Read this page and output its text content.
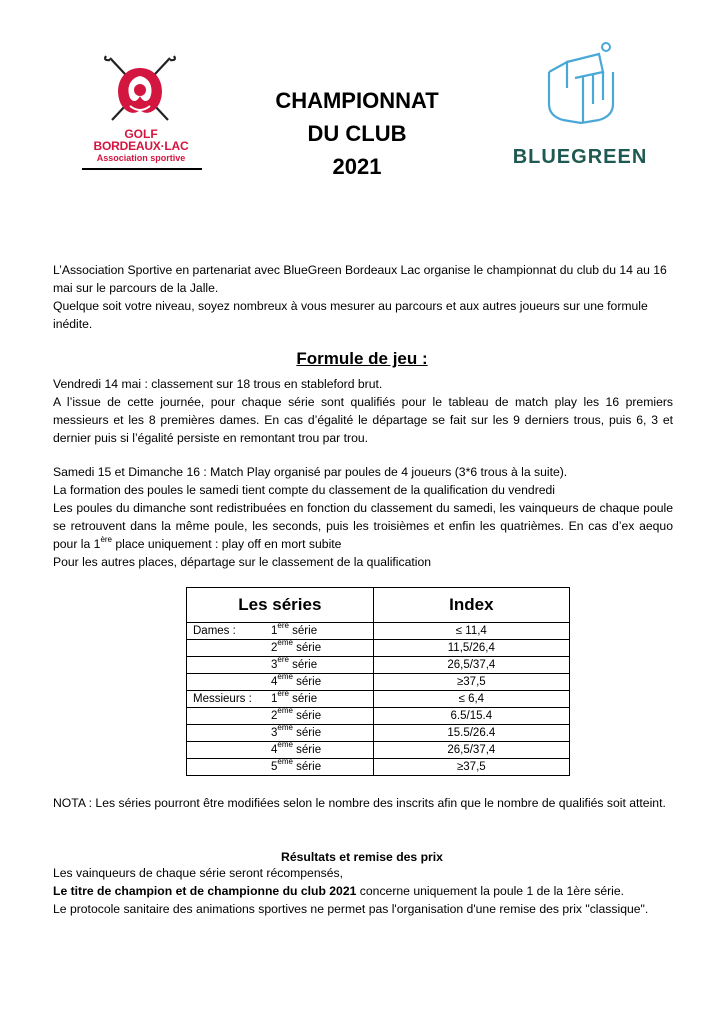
GOLF
BORDEAUX·LAC
Association sportive
CHAMPIONNAT
DU CLUB
2021	BLUEGREEN
L’Association Sportive en partenariat avec BlueGreen Bordeaux Lac organise le championnat du club du 14 au 16 mai sur le parcours de la Jalle.
Quelque soit votre niveau, soyez nombreux à vous mesurer au parcours et aux autres joueurs sur une formule inédite.
Formule de jeu :
Vendredi 14 mai : classement sur 18 trous en stableford brut.
A l’issue de cette journée, pour chaque série sont qualifiés pour le tableau de match play les 16 premiers messieurs et les 8 premières dames. En cas d’égalité le départage se fait sur les 9 derniers trous, puis 6, 3 et dernier puis si l’égalité persiste en remontant trou par trou.
Samedi 15 et Dimanche 16 : Match Play organisé par poules de 4 joueurs (3*6 trous à la suite).
La formation des poules le samedi tient compte du classement de la qualification du vendredi
Les poules du dimanche sont redistribuées en fonction du classement du samedi, les vainqueurs de chaque poule se retrouvent dans la même poule, les seconds, puis les troisièmes et enfin les quatrièmes. En cas d’ex aequo pour la 1ère place uniquement : play off en mort subite
Pour les autres places, départage sur le classement de la qualification
Les séries	Index

Dames : 1ère série	≤ 11,4

2ème série	11,5/26,4

3ère série	26,5/37,4

4ème série	≥37,5

Messieurs : 1ère série	≤ 6,4

2ème série	6.5/15.4

3ème série	15.5/26.4

4ème série	26,5/37,4

5ème série	≥37,5
NOTA : Les séries pourront être modifiées selon le nombre des inscrits afin que le nombre de qualifiés soit atteint.
Résultats et remise des prix
Les vainqueurs de chaque série seront récompensés,
Le titre de champion et de championne du club 2021 concerne uniquement la poule 1 de la 1ère série.
Le protocole sanitaire des animations sportives ne permet pas l'organisation d'une remise des prix "classique".
